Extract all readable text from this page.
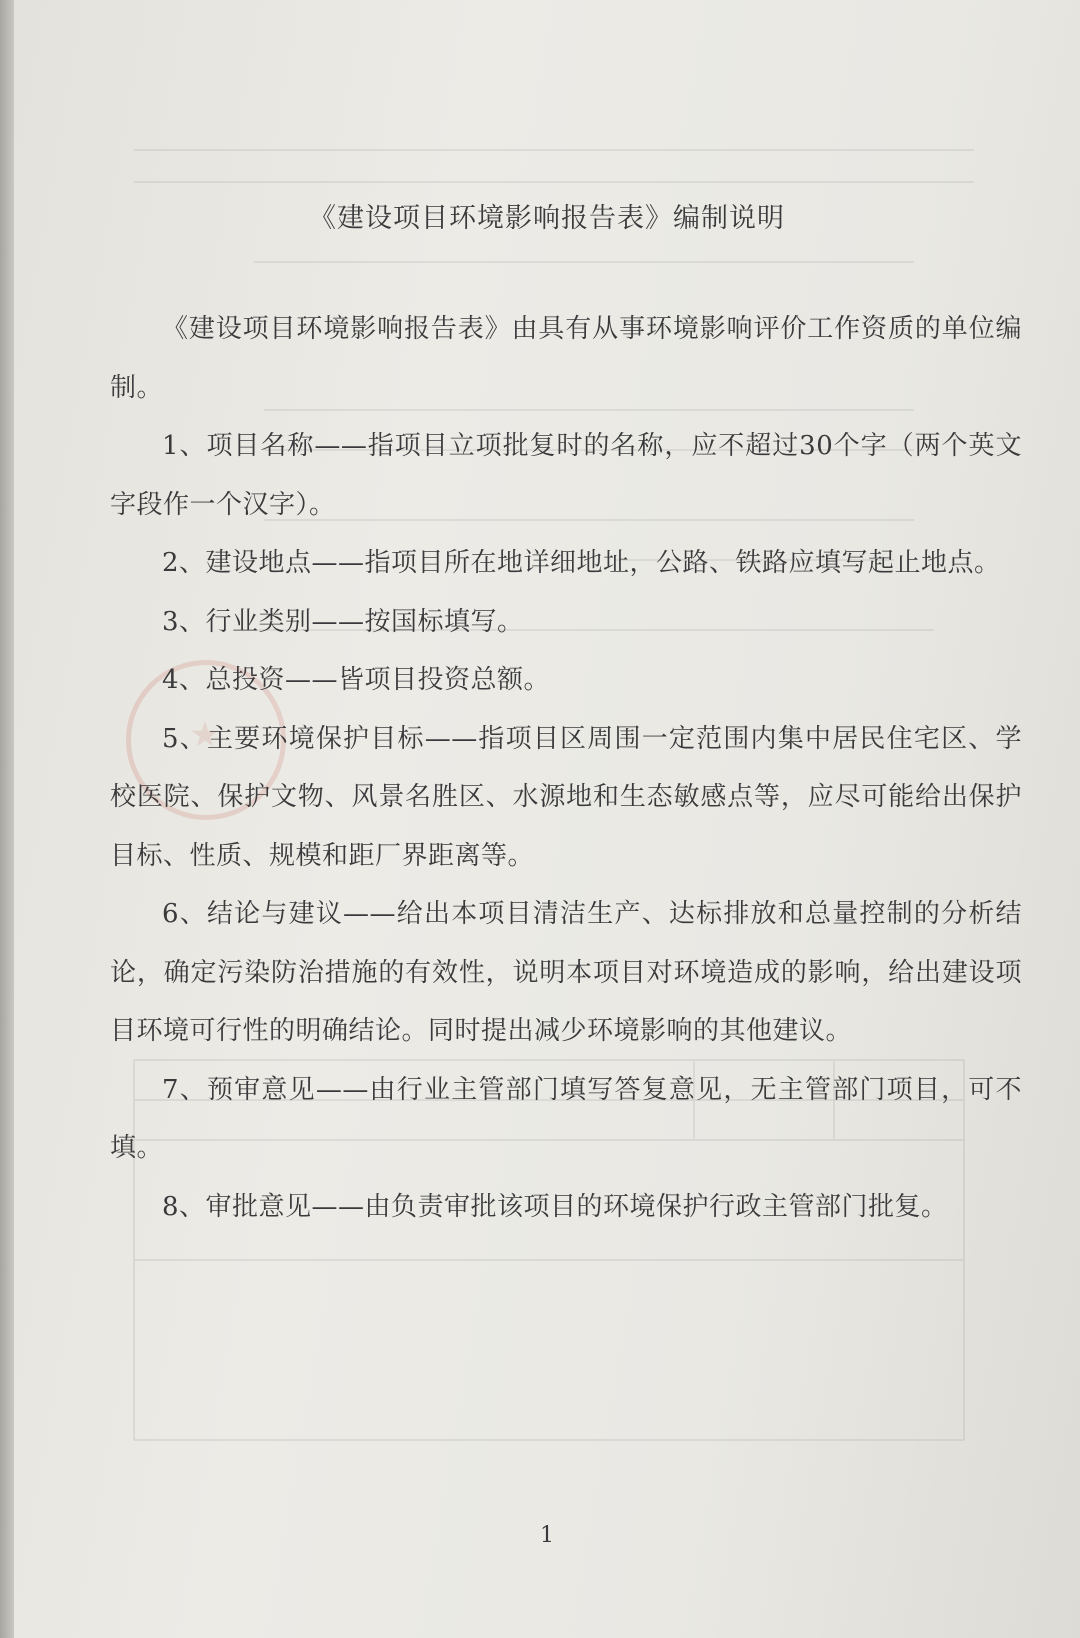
《建设项目环境影响报告表》编制说明

《建设项目环境影响报告表》由具有从事环境影响评价工作资质的单位编制。

1、项目名称——指项目立项批复时的名称，应不超过30个字（两个英文字段作一个汉字）。

2、建设地点——指项目所在地详细地址，公路、铁路应填写起止地点。

3、行业类别——按国标填写。

4、总投资——皆项目投资总额。

5、主要环境保护目标——指项目区周围一定范围内集中居民住宅区、学校医院、保护文物、风景名胜区、水源地和生态敏感点等，应尽可能给出保护目标、性质、规模和距厂界距离等。

6、结论与建议——给出本项目清洁生产、达标排放和总量控制的分析结论，确定污染防治措施的有效性，说明本项目对环境造成的影响，给出建设项目环境可行性的明确结论。同时提出减少环境影响的其他建议。

7、预审意见——由行业主管部门填写答复意见，无主管部门项目，可不填。

8、审批意见——由负责审批该项目的环境保护行政主管部门批复。

1
